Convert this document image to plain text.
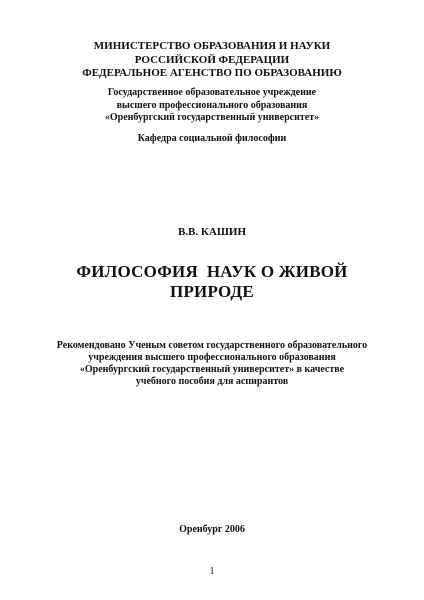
МИНИСТЕРСТВО ОБРАЗОВАНИЯ И НАУКИ
РОССИЙСКОЙ ФЕДЕРАЦИИ
ФЕДЕРАЛЬНОЕ АГЕНСТВО ПО ОБРАЗОВАНИЮ
Государственное образовательное учреждение
высшего профессионального образования
«Оренбургский государственный университет»
Кафедра социальной философии
В.В. КАШИН
ФИЛОСОФИЯ  НАУК О ЖИВОЙ
ПРИРОДЕ
Рекомендовано Ученым советом государственного образовательного
учреждения высшего профессионального образования
«Оренбургский государственный университет» в качестве
учебного пособия для аспирантов
Оренбург 2006
1
